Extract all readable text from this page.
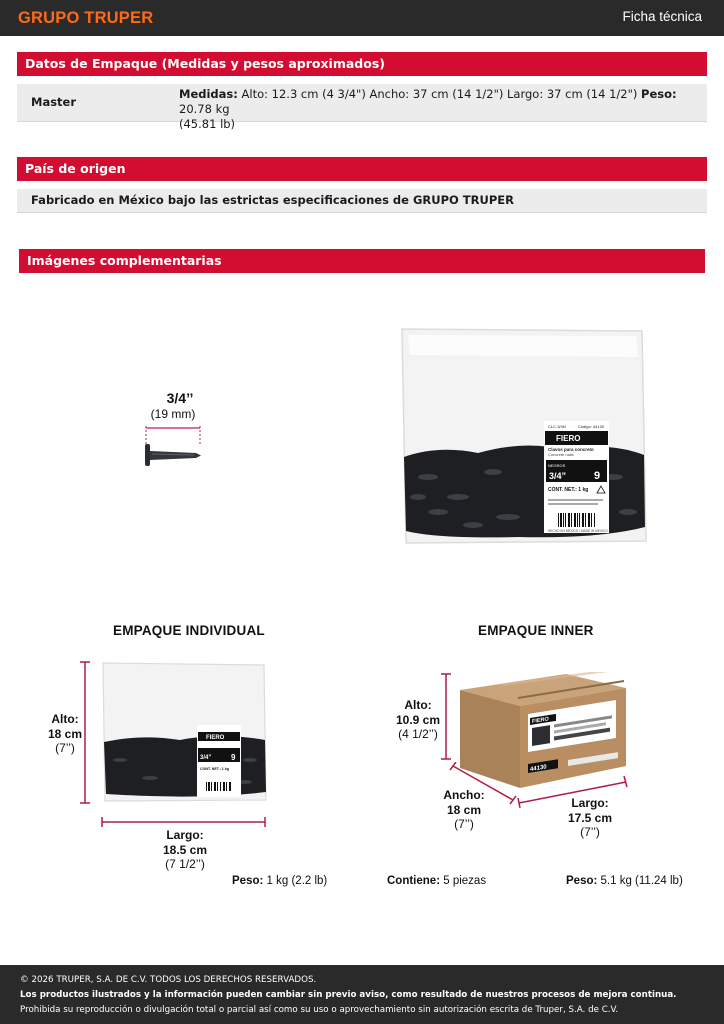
GRUPO TRUPER	Ficha técnica
Datos de Empaque (Medidas y pesos aproximados)
Master
Medidas: Alto: 12.3 cm (4 3/4") Ancho: 37 cm (14 1/2") Largo: 37 cm (14 1/2") Peso: 20.78 kg
(45.81 lb)
País de origen
Fabricado en México bajo las estrictas especificaciones de GRUPO TRUPER
Imágenes complementarias
3/4’’
(19 mm)
FIERO
CLC-3/4N	Código: 44130
Clavos para concreto
Concrete nails
NEGROS
3/4”	9
CONT. NET.: 1 kg
HECHO EN MÉXICO / MADE IN MEXICO
EMPAQUE INDIVIDUAL
Alto:
18 cm
(7’’)
FIERO
3/4” 9
CONT. NET.: 1 kg
Largo:
18.5 cm
(7 1/2’’)
Peso: 1 kg (2.2 lb)
EMPAQUE INNER
Alto:
10.9 cm
(4 1/2’’)
FIERO
44130
Ancho:
18 cm
(7’’)
Largo:
17.5 cm
(7’’)
Contiene: 5 piezas	Peso: 5.1 kg (11.24 lb)
© 2026 TRUPER, S.A. DE C.V. TODOS LOS DERECHOS RESERVADOS.
Los productos ilustrados y la información pueden cambiar sin previo aviso, como resultado de nuestros procesos de mejora continua.
Prohibida su reproducción o divulgación total o parcial así como su uso o aprovechamiento sin autorización escrita de Truper, S.A. de C.V.
